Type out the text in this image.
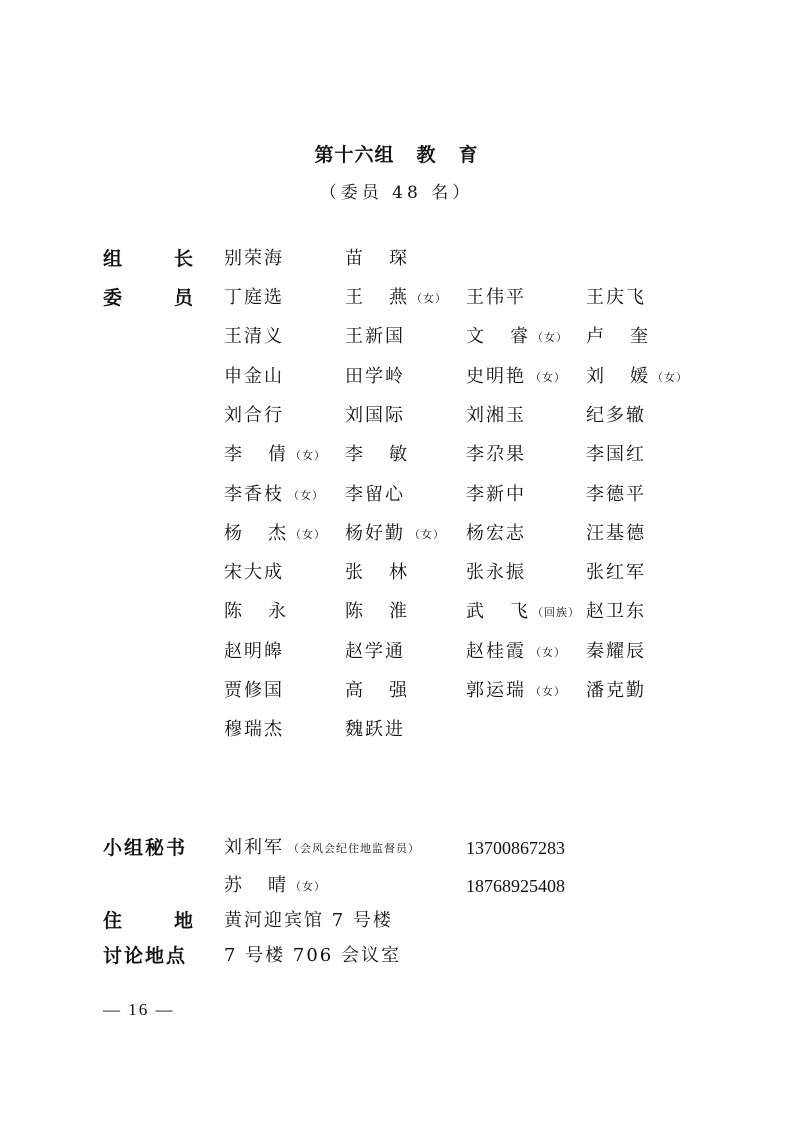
第十六组 教 育
（委员 48 名）
组	长 别荣海	苗 琛
委	员 丁庭选	王 燕 （女） 王伟平	王庆飞
王清义	王新国	文 睿 （女） 卢 奎
申金山	田学岭	史明艳 （女） 刘 媛 （女）
刘合行	刘国际	刘湘玉	纪多辙
李 倩 （女） 李 敏	李尕果	李国红
李香枝 （女） 李留心	李新中	李德平
杨 杰 （女） 杨好勤 （女） 杨宏志	汪基德
宋大成	张 林	张永振	张红军
陈 永	陈 淮	武 飞 （回族） 赵卫东
赵明皞	赵学通	赵桂霞 （女） 秦耀辰
贾修国	高 强	郭运瑞 （女） 潘克勤
穆瑞杰	魏跃进
小组秘书	刘利军 （会风会纪住地监督员）	13700867283
苏 晴 （女）	18768925408
住	地 黄河迎宾馆 7 号楼
讨论地点	7 号楼 706 会议室
— 16 —
